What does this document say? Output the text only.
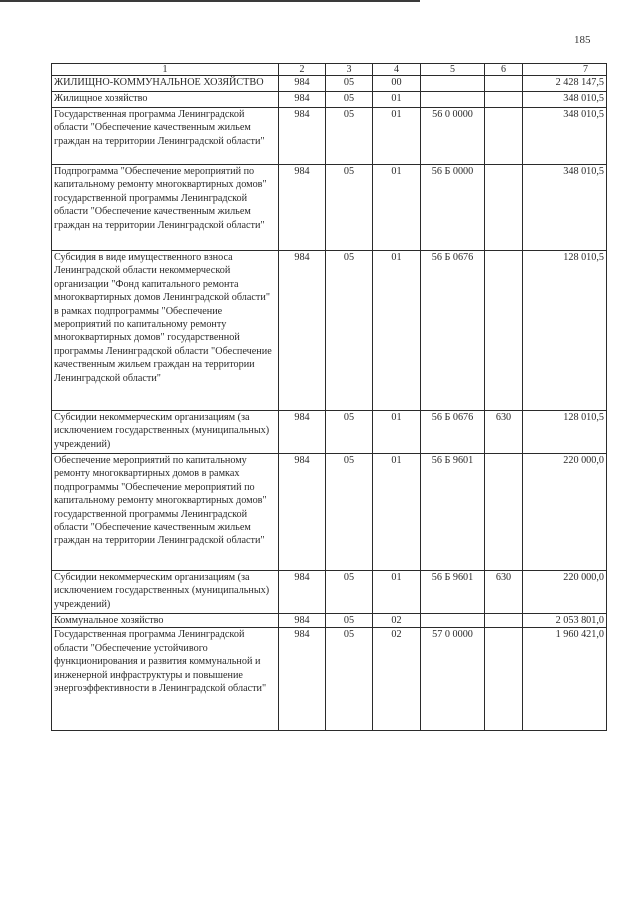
185
1	2	3	4	5	6	7
ЖИЛИЩНО-КОММУНАЛЬНОЕ ХОЗЯЙСТВО	984	05	00			2 428 147,5
Жилищное хозяйство	984	05	01			348 010,5
Государственная программа Ленинградской области "Обеспечение качественным жильем граждан на территории Ленинградской области"	984	05	01	56 0 0000		348 010,5
Подпрограмма "Обеспечение мероприятий по капитальному ремонту многоквартирных домов" государственной программы Ленинградской области "Обеспечение качественным жильем граждан на территории Ленинградской области"	984	05	01	56 Б 0000		348 010,5
Субсидия в виде имущественного взноса Ленинградской области некоммерческой организации "Фонд капитального ремонта многоквартирных домов Ленинградской области" в рамках подпрограммы "Обеспечение мероприятий по капитальному ремонту многоквартирных домов" государственной программы Ленинградской области "Обеспечение качественным жильем граждан на территории Ленинградской области"	984	05	01	56 Б 0676		128 010,5
Субсидии некоммерческим организациям (за исключением государственных (муниципальных) учреждений)	984	05	01	56 Б 0676	630	128 010,5
Обеспечение мероприятий по капитальному ремонту многоквартирных домов в рамках подпрограммы "Обеспечение мероприятий по капитальному ремонту многоквартирных домов" государственной программы Ленинградской области "Обеспечение качественным жильем граждан на территории Ленинградской области"	984	05	01	56 Б 9601		220 000,0
Субсидии некоммерческим организациям (за исключением государственных (муниципальных) учреждений)	984	05	01	56 Б 9601	630	220 000,0
Коммунальное хозяйство	984	05	02			2 053 801,0
Государственная программа Ленинградской области "Обеспечение устойчивого функционирования и развития коммунальной и инженерной инфраструктуры и повышение энергоэффективности в Ленинградской области"	984	05	02	57 0 0000		1 960 421,0
